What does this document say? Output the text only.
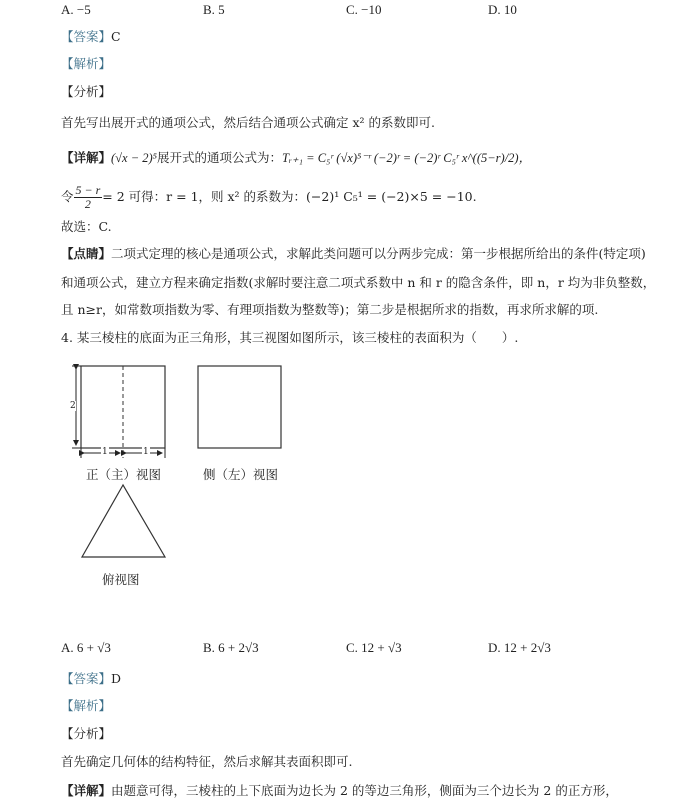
A. −5	B. 5	C. −10	D. 10
【答案】C
【解析】
【分析】
首先写出展开式的通项公式，然后结合通项公式确定 x² 的系数即可.
【详解】(√x − 2)⁵展开式的通项公式为：Tᵣ₊₁ = C₅ʳ (√x)⁵⁻ʳ (−2)ʳ = (−2)ʳ C₅ʳ x^((5−r)/2)，
令 $\frac{5 - r}{2} = 2$ 可得：r = 1，则 x² 的系数为：(−2)¹ C₅¹ = (−2)×5 = −10.
故选：C.
【点睛】二项式定理的核心是通项公式，求解此类问题可以分两步完成：第一步根据所给出的条件(特定项)
和通项公式，建立方程来确定指数(求解时要注意二项式系数中 n 和 r 的隐含条件，即 n，r 均为非负整数，
且 n≥r，如常数项指数为零、有理项指数为整数等)；第二步是根据所求的指数，再求所求解的项.
4. 某三棱柱的底面为正三角形，其三视图如图所示，该三棱柱的表面积为（　　）.
2
1	1
正（主）视图	侧（左）视图
俯视图
A. 6 + √3	B. 6 + 2√3	C. 12 + √3	D. 12 + 2√3
【答案】D
【解析】
【分析】
首先确定几何体的结构特征，然后求解其表面积即可.
【详解】由题意可得，三棱柱的上下底面为边长为 2 的等边三角形，侧面为三个边长为 2 的正方形，
